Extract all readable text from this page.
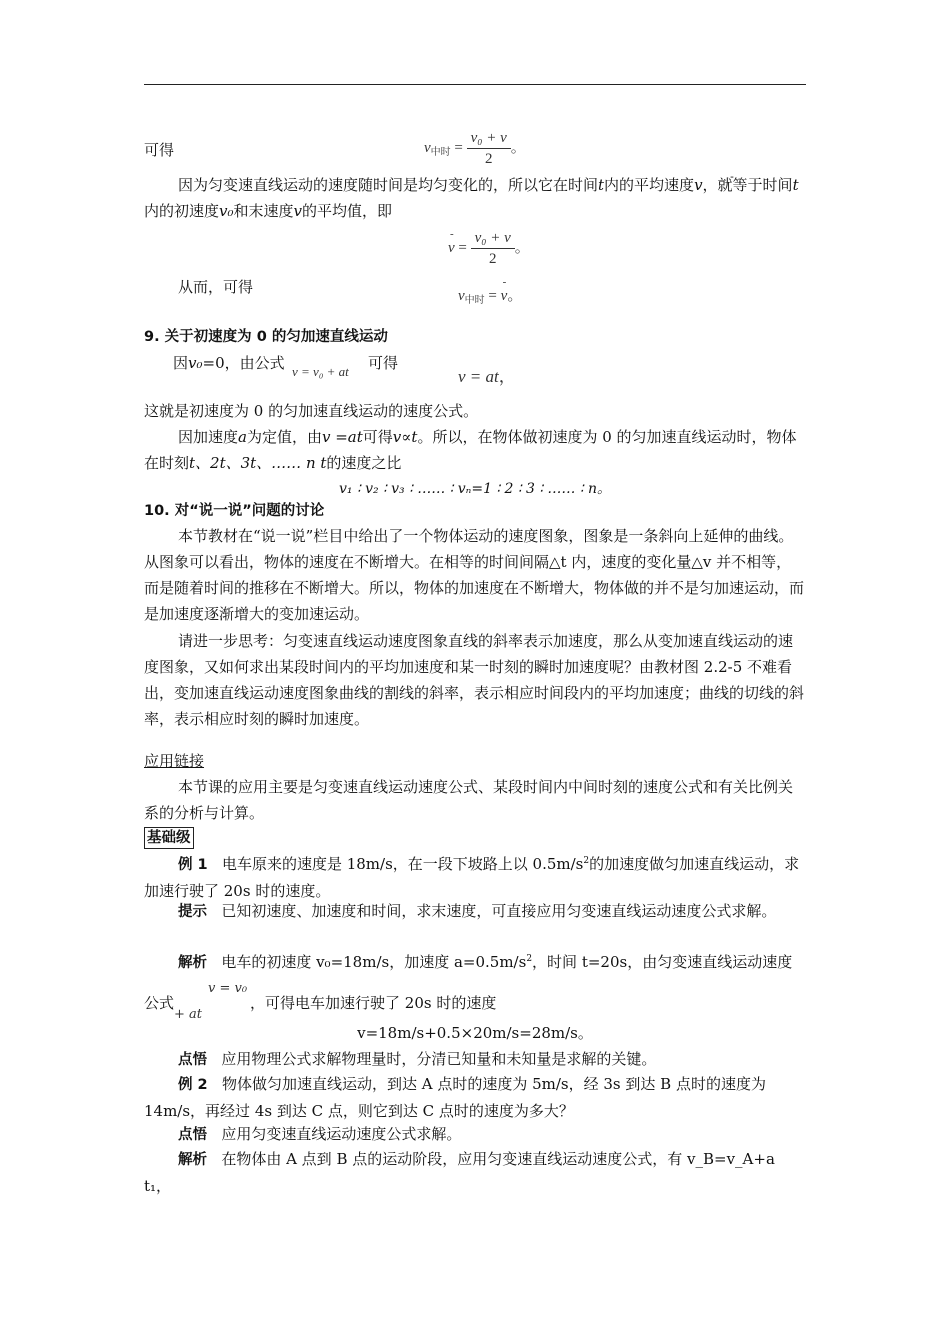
可得	$v_{中时} = \frac{\text{v₀ + v}}{2}$ 。
因为匀变速直线运动的速度随时间是均匀变化的，所以它在时间t内的平均速度- v，就等于时间t内的初速度v₀和末速度v的平均值，即
- $v = \frac{\text{v₀ + v}}{2}$ 。
从而，可得	$v_{中时}$ = - v。
9. 关于初速度为 0 的匀加速直线运动
因v₀=0，由公式 v = v₀ + at 可得
v = at，
这就是初速度为 0 的匀加速直线运动的速度公式。
因加速度a为定值，由v =at可得v∝t。所以，在物体做初速度为 0 的匀加速直线运动时，物体在时刻t、2t、3t、…… n t的速度之比
v₁ ∶ v₂ ∶ v₃ ∶ …… ∶ vₙ=1 ∶ 2 ∶ 3 ∶ …… ∶ n。
10. 对“说一说”问题的讨论
本节教材在“说一说”栏目中给出了一个物体运动的速度图象，图象是一条斜向上延伸的曲线。从图象可以看出，物体的速度在不断增大。在相等的时间间隔△t 内，速度的变化量△v 并不相等，而是随着时间的推移在不断增大。所以，物体的加速度在不断增大，物体做的并不是匀加速运动，而是加速度逐渐增大的变加速运动。
请进一步思考：匀变速直线运动速度图象直线的斜率表示加速度，那么从变加速直线运动的速度图象，又如何求出某段时间内的平均加速度和某一时刻的瞬时加速度呢？由教材图 2.2-5 不难看出，变加速直线运动速度图象曲线的割线的斜率，表示相应时间段内的平均加速度；曲线的切线的斜率，表示相应时刻的瞬时加速度。
应用链接
本节课的应用主要是匀变速直线运动速度公式、某段时间内中间时刻的速度公式和有关比例关系的分析与计算。
基础级
例 1 电车原来的速度是 18m/s，在一段下坡路上以 $0.5m/s^2$的加速度做匀加速直线运动，求加速行驶了 20s 时的速度。
提示 已知初速度、加速度和时间，求末速度，可直接应用匀变速直线运动速度公式求解。
解析 电车的初速度 v₀=18m/s，加速度 $a=0.5m/s^2$，时间 t=20s，由匀变速直线运动速度公式v = v₀ + at，可得电车加速行驶了 20s 时的速度
v=18m/s+0.5×20m/s=28m/s。
点悟 应用物理公式求解物理量时，分清已知量和未知量是求解的关键。
例 2 物体做匀加速直线运动，到达 A 点时的速度为 5m/s，经 3s 到达 B 点时的速度为 14m/s，再经过 4s 到达 C 点，则它到达 C 点时的速度为多大？
点悟 应用匀变速直线运动速度公式求解。
解析 在物体由 A 点到 B 点的运动阶段，应用匀变速直线运动速度公式，有 v_B=v_A+a t₁，
